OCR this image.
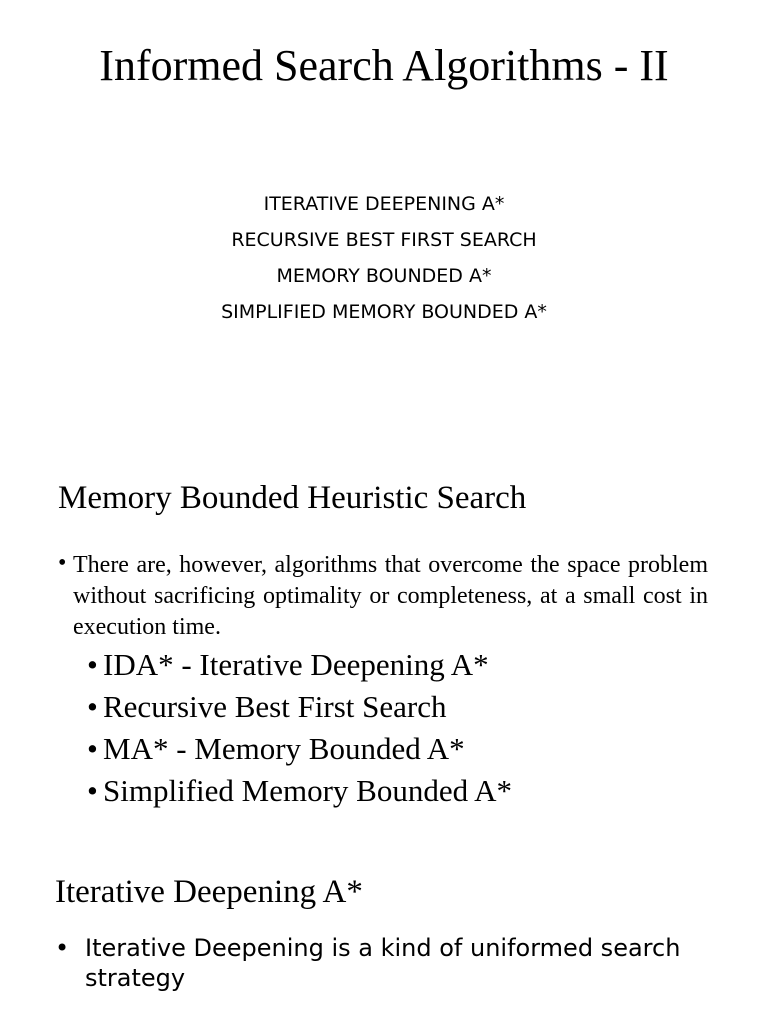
Informed Search Algorithms - II
ITERATIVE DEEPENING A*
RECURSIVE BEST FIRST SEARCH
MEMORY BOUNDED A*
SIMPLIFIED MEMORY BOUNDED A*
Memory Bounded Heuristic Search
• There are, however, algorithms that overcome the space problem without sacrificing optimality or completeness, at a small cost in execution time.
• IDA* - Iterative Deepening A*
• Recursive Best First Search
• MA* - Memory Bounded A*
• Simplified Memory Bounded A*
Iterative Deepening A*
• Iterative Deepening is a kind of uniformed search strategy
